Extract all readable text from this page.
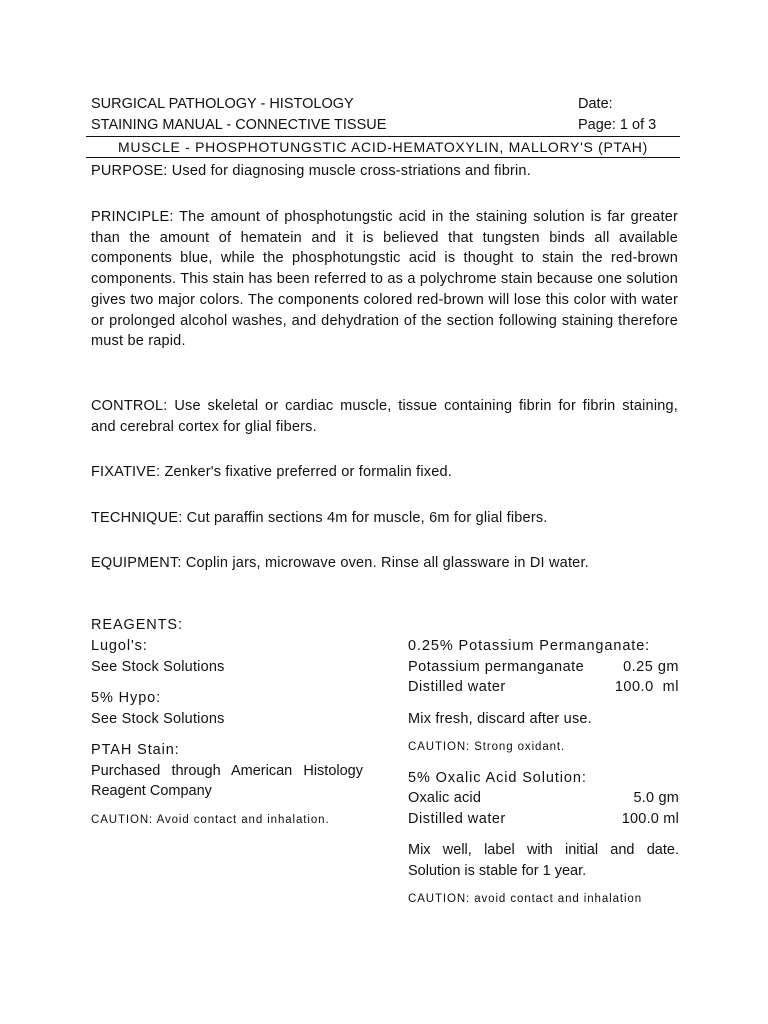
SURGICAL PATHOLOGY - HISTOLOGY	Date:
STAINING MANUAL - CONNECTIVE TISSUE	Page: 1 of 3
MUSCLE - PHOSPHOTUNGSTIC ACID-HEMATOXYLIN, MALLORY'S (PTAH)
PURPOSE: Used for diagnosing muscle cross-striations and fibrin.
PRINCIPLE: The amount of phosphotungstic acid in the staining solution is far greater than the amount of hematein and it is believed that tungsten binds all available components blue, while the phosphotungstic acid is thought to stain the red-brown components. This stain has been referred to as a polychrome stain because one solution gives two major colors. The components colored red-brown will lose this color with water or prolonged alcohol washes, and dehydration of the section following staining therefore must be rapid.
CONTROL: Use skeletal or cardiac muscle, tissue containing fibrin for fibrin staining, and cerebral cortex for glial fibers.
FIXATIVE: Zenker's fixative preferred or formalin fixed.
TECHNIQUE: Cut paraffin sections 4m for muscle, 6m for glial fibers.
EQUIPMENT: Coplin jars, microwave oven. Rinse all glassware in DI water.
REAGENTS:
Lugol's:
See Stock Solutions
5% Hypo:
See Stock Solutions
PTAH Stain:
Purchased through American Histology Reagent Company
CAUTION: Avoid contact and inhalation.
0.25% Potassium Permanganate:
Potassium permanganate	0.25 gm
Distilled water	100.0  ml
Mix fresh, discard after use.
CAUTION: Strong oxidant.
5% Oxalic Acid Solution:
Oxalic acid	5.0 gm
Distilled water	100.0 ml
Mix well, label with initial and date. Solution is stable for 1 year.
CAUTION: avoid contact and inhalation
